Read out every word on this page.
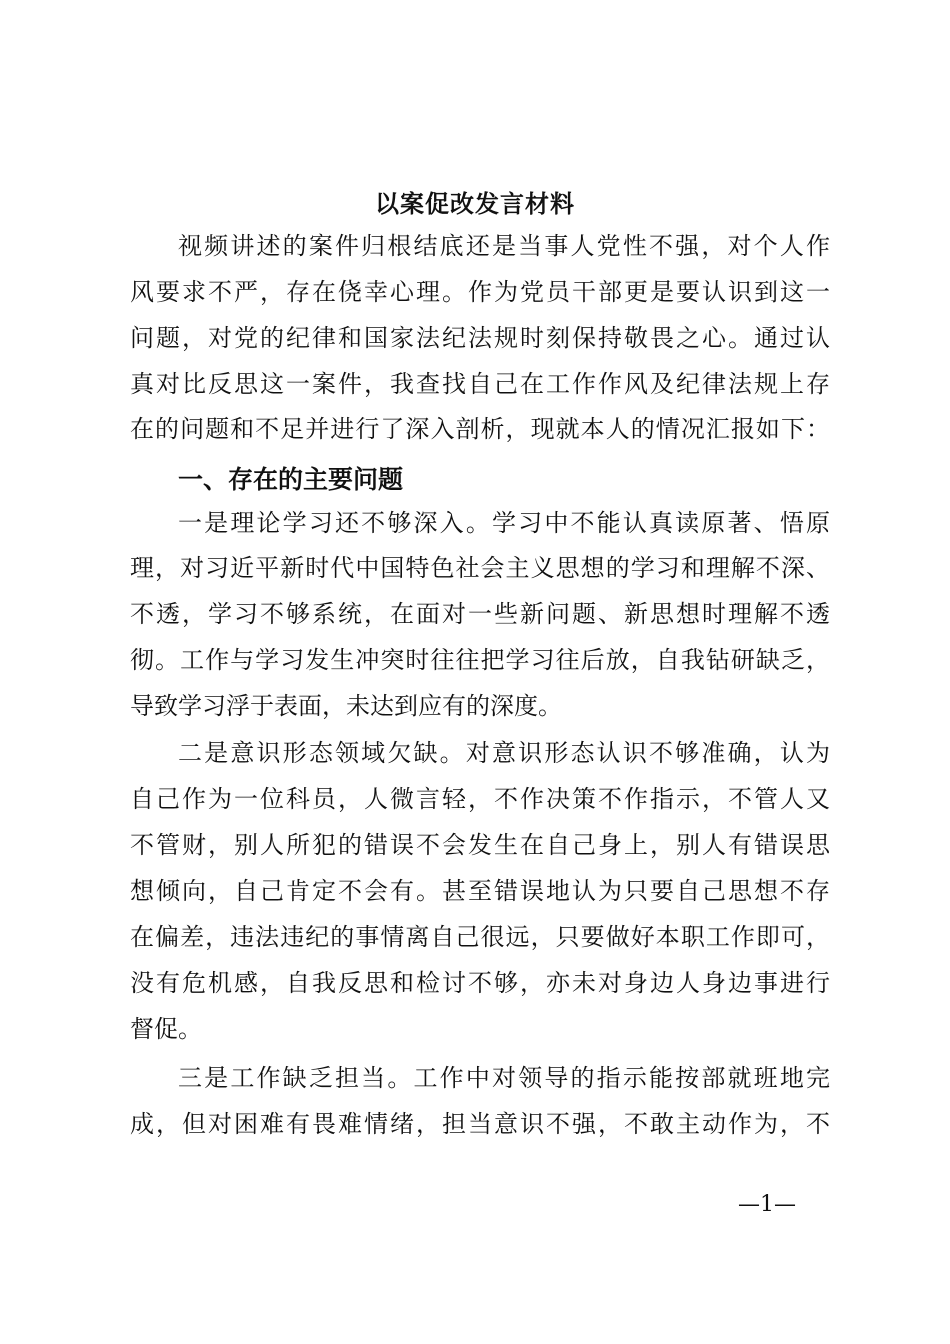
以案促改发言材料
视频讲述的案件归根结底还是当事人党性不强，对个人作
风要求不严，存在侥幸心理。作为党员干部更是要认识到这一
问题，对党的纪律和国家法纪法规时刻保持敬畏之心。通过认
真对比反思这一案件，我查找自己在工作作风及纪律法规上存
在的问题和不足并进行了深入剖析，现就本人的情况汇报如下：
一、存在的主要问题
一是理论学习还不够深入。学习中不能认真读原著、悟原
理，对习近平新时代中国特色社会主义思想的学习和理解不深、
不透，学习不够系统，在面对一些新问题、新思想时理解不透
彻。工作与学习发生冲突时往往把学习往后放，自我钻研缺乏，
导致学习浮于表面，未达到应有的深度。
二是意识形态领域欠缺。对意识形态认识不够准确，认为
自己作为一位科员，人微言轻，不作决策不作指示，不管人又
不管财，别人所犯的错误不会发生在自己身上，别人有错误思
想倾向，自己肯定不会有。甚至错误地认为只要自己思想不存
在偏差，违法违纪的事情离自己很远，只要做好本职工作即可，
没有危机感，自我反思和检讨不够，亦未对身边人身边事进行
督促。
三是工作缺乏担当。工作中对领导的指示能按部就班地完
成，但对困难有畏难情绪，担当意识不强，不敢主动作为，不
—1—
